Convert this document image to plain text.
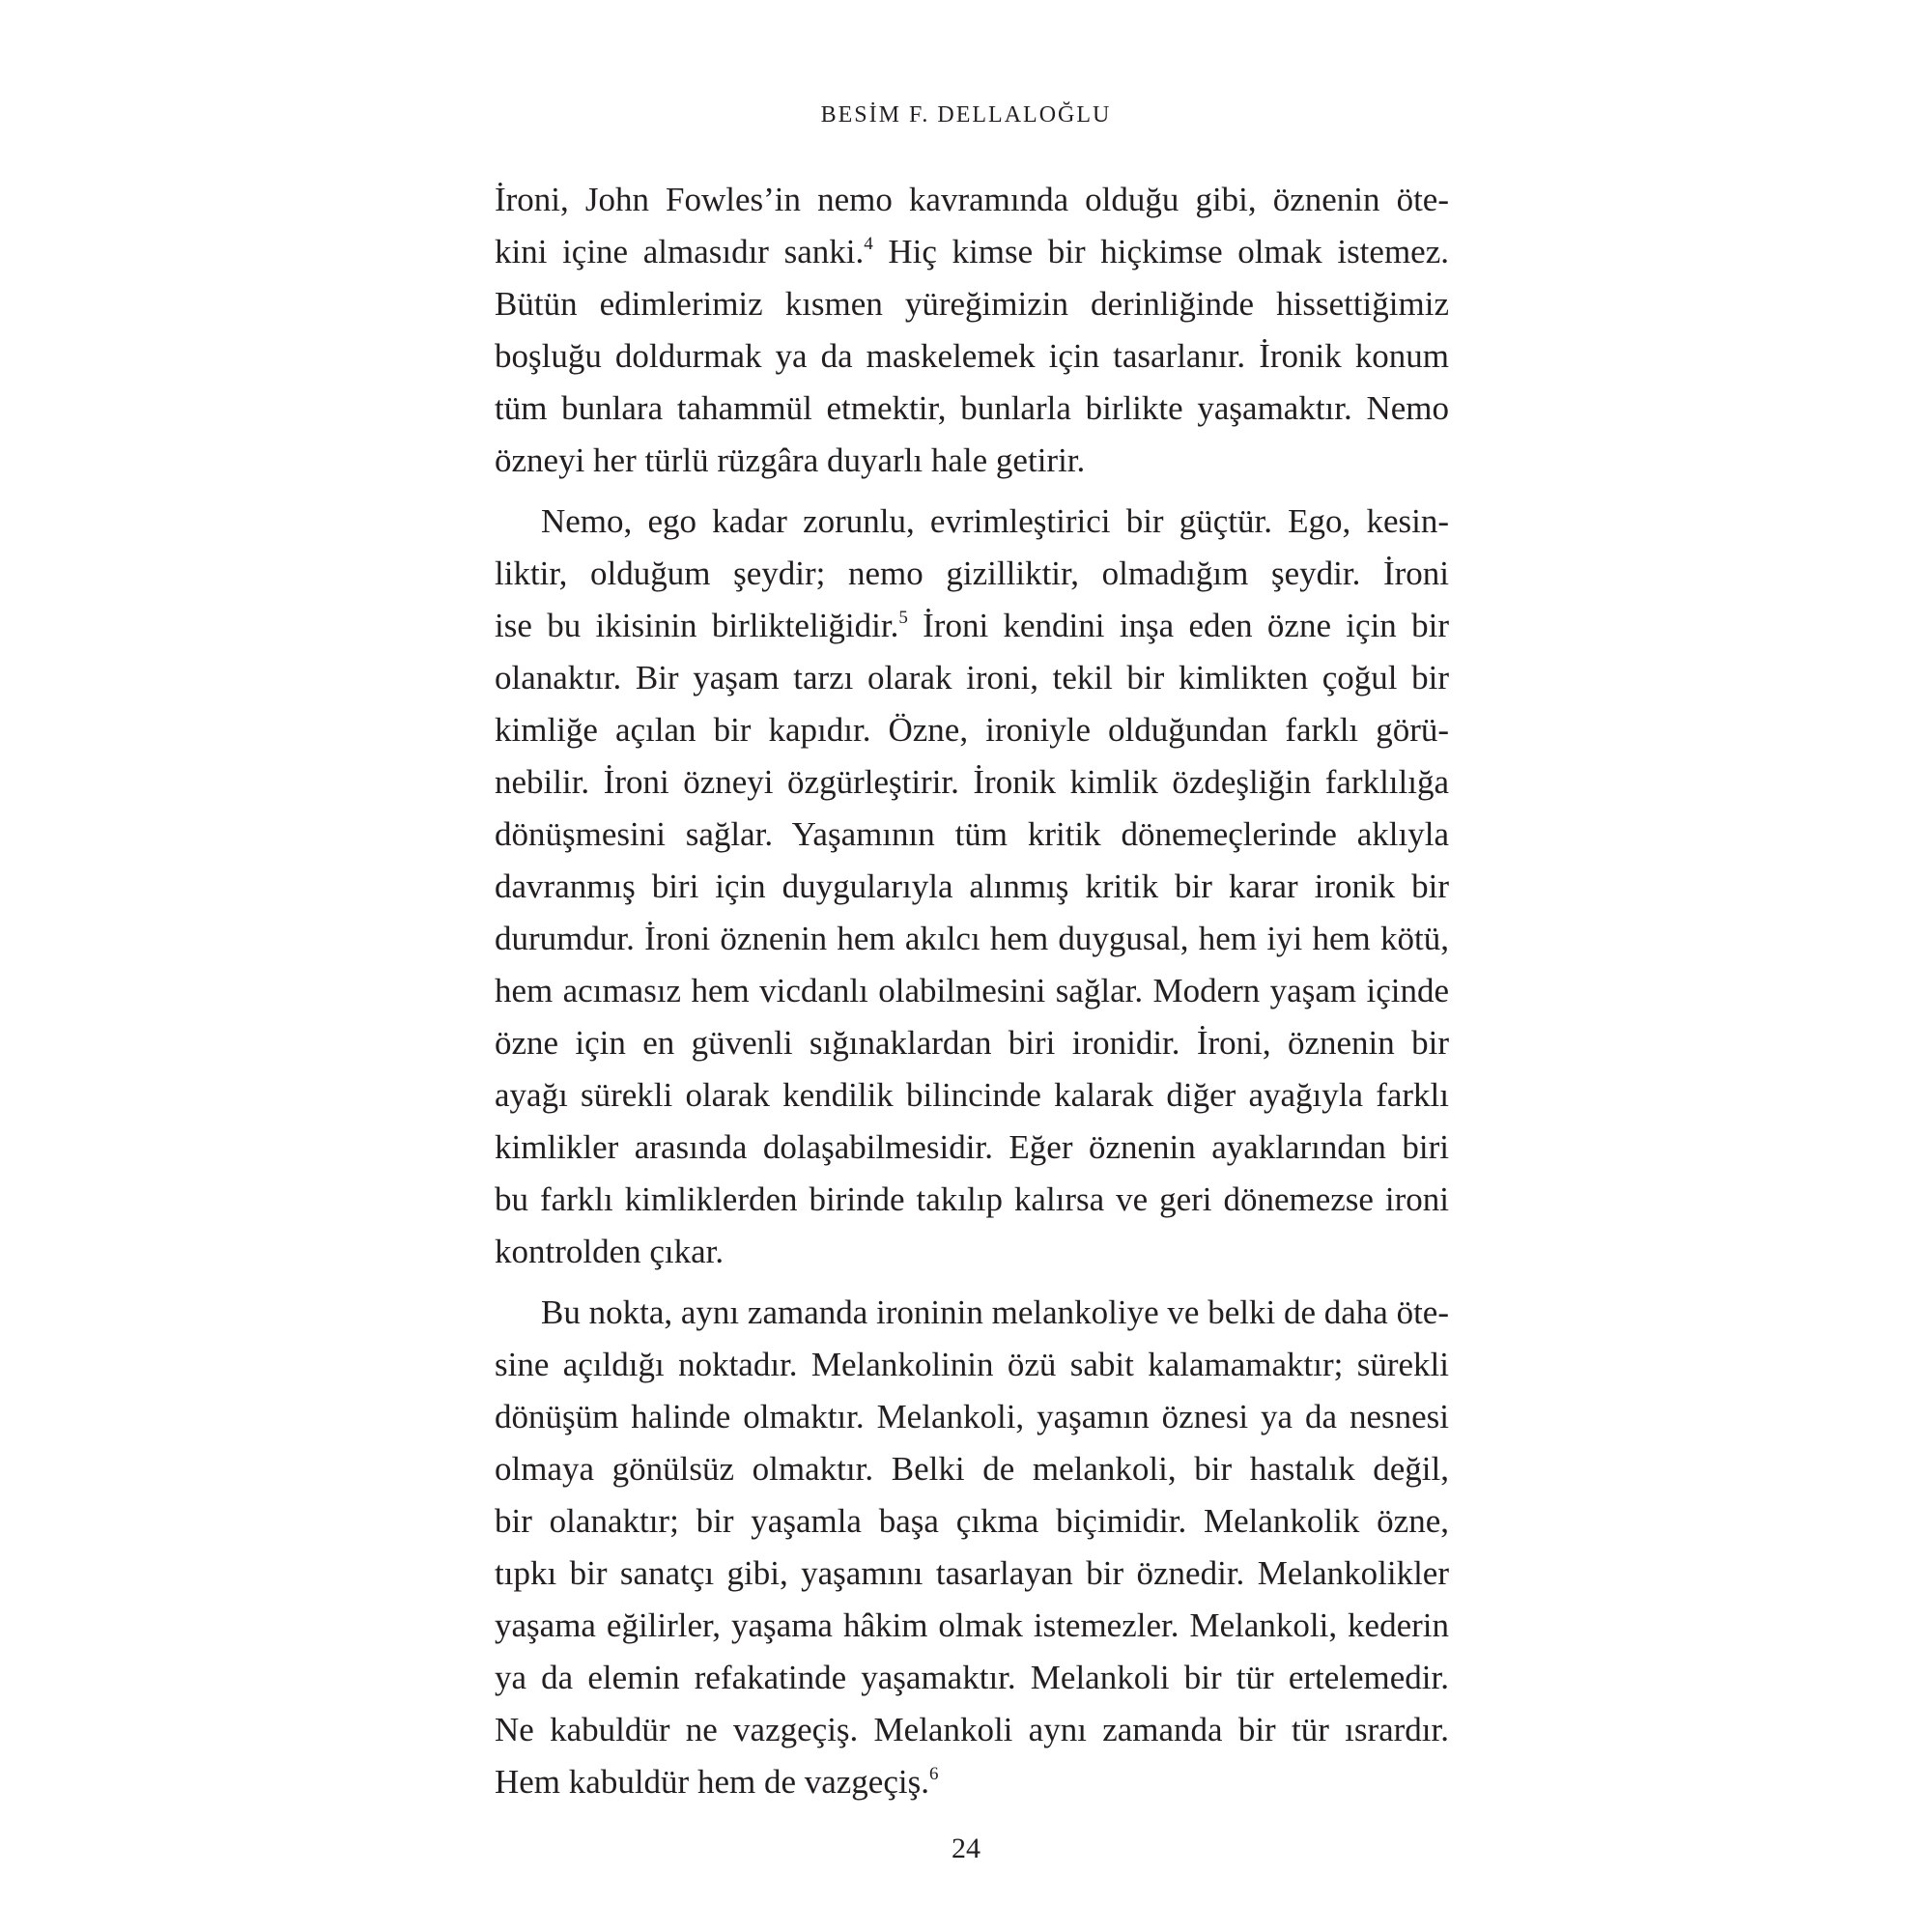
BESİM F. DELLALOĞLU

İroni, John Fowles’in nemo kavramında olduğu gibi, öznenin öte-
kini içine almasıdır sanki.$^4$ Hiç kimse bir hiçkimse olmak istemez.
Bütün edimlerimiz kısmen yüreğimizin derinliğinde hissettiğimiz
boşluğu doldurmak ya da maskelemek için tasarlanır. İronik konum
tüm bunlara tahammül etmektir, bunlarla birlikte yaşamaktır. Nemo
özneyi her türlü rüzgâra duyarlı hale getirir.

Nemo, ego kadar zorunlu, evrimleştirici bir güçtür. Ego, kesin-
liktir, olduğum şeydir; nemo gizilliktir, olmadığım şeydir. İroni
ise bu ikisinin birlikteliğidir.$^5$ İroni kendini inşa eden özne için bir
olanaktır. Bir yaşam tarzı olarak ironi, tekil bir kimlikten çoğul bir
kimliğe açılan bir kapıdır. Özne, ironiyle olduğundan farklı görü-
nebilir. İroni özneyi özgürleştirir. İronik kimlik özdeşliğin farklılığa
dönüşmesini sağlar. Yaşamının tüm kritik dönemeçlerinde aklıyla
davranmış biri için duygularıyla alınmış kritik bir karar ironik bir
durumdur. İroni öznenin hem akılcı hem duygusal, hem iyi hem kötü,
hem acımasız hem vicdanlı olabilmesini sağlar. Modern yaşam içinde
özne için en güvenli sığınaklardan biri ironidir. İroni, öznenin bir
ayağı sürekli olarak kendilik bilincinde kalarak diğer ayağıyla farklı
kimlikler arasında dolaşabilmesidir. Eğer öznenin ayaklarından biri
bu farklı kimliklerden birinde takılıp kalırsa ve geri dönemezse ironi
kontrolden çıkar.

Bu nokta, aynı zamanda ironinin melankoliye ve belki de daha öte-
sine açıldığı noktadır. Melankolinin özü sabit kalamamaktır; sürekli
dönüşüm halinde olmaktır. Melankoli, yaşamın öznesi ya da nesnesi
olmaya gönülsüz olmaktır. Belki de melankoli, bir hastalık değil,
bir olanaktır; bir yaşamla başa çıkma biçimidir. Melankolik özne,
tıpkı bir sanatçı gibi, yaşamını tasarlayan bir öznedir. Melankolikler
yaşama eğilirler, yaşama hâkim olmak istemezler. Melankoli, kederin
ya da elemin refakatinde yaşamaktır. Melankoli bir tür ertelemedir.
Ne kabuldür ne vazgeçiş. Melankoli aynı zamanda bir tür ısrardır.
Hem kabuldür hem de vazgeçiş.$^6$

24
